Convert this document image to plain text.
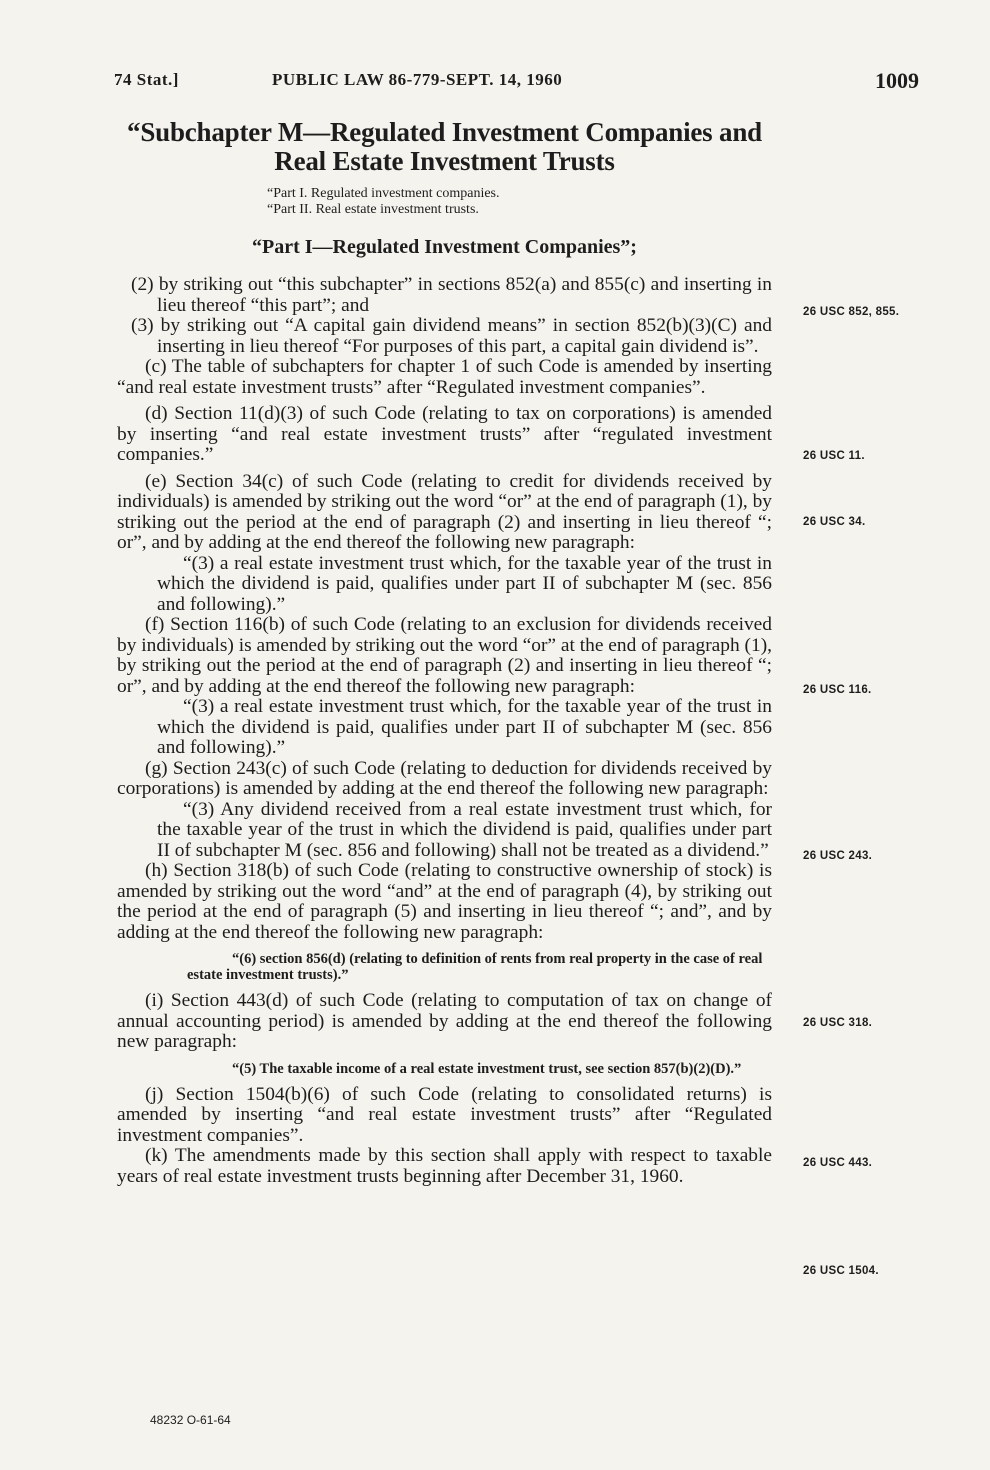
74 Stat.]	PUBLIC LAW 86-779-SEPT. 14, 1960	1009
“Subchapter M—Regulated Investment Companies and Real Estate Investment Trusts
“Part I. Regulated investment companies.
“Part II. Real estate investment trusts.
“Part I—Regulated Investment Companies”;

(2) by striking out “this subchapter” in sections 852(a) and 855(c) and inserting in lieu thereof “this part”; and

(3) by striking out “A capital gain dividend means” in section 852(b)(3)(C) and inserting in lieu thereof “For purposes of this part, a capital gain dividend is”.

(c) The table of subchapters for chapter 1 of such Code is amended by inserting “and real estate investment trusts” after “Regulated investment companies”.

(d) Section 11(d)(3) of such Code (relating to tax on corporations) is amended by inserting “and real estate investment trusts” after “regulated investment companies.”

(e) Section 34(c) of such Code (relating to credit for dividends received by individuals) is amended by striking out the word “or” at the end of paragraph (1), by striking out the period at the end of paragraph (2) and inserting in lieu thereof “; or”, and by adding at the end thereof the following new paragraph:

“(3) a real estate investment trust which, for the taxable year of the trust in which the dividend is paid, qualifies under part II of subchapter M (sec. 856 and following).”

(f) Section 116(b) of such Code (relating to an exclusion for dividends received by individuals) is amended by striking out the word “or” at the end of paragraph (1), by striking out the period at the end of paragraph (2) and inserting in lieu thereof “; or”, and by adding at the end thereof the following new paragraph:

“(3) a real estate investment trust which, for the taxable year of the trust in which the dividend is paid, qualifies under part II of subchapter M (sec. 856 and following).”

(g) Section 243(c) of such Code (relating to deduction for dividends received by corporations) is amended by adding at the end thereof the following new paragraph:

“(3) Any dividend received from a real estate investment trust which, for the taxable year of the trust in which the dividend is paid, qualifies under part II of subchapter M (sec. 856 and following) shall not be treated as a dividend.”

(h) Section 318(b) of such Code (relating to constructive ownership of stock) is amended by striking out the word “and” at the end of paragraph (4), by striking out the period at the end of paragraph (5) and inserting in lieu thereof “; and”, and by adding at the end thereof the following new paragraph:

“(6) section 856(d) (relating to definition of rents from real property in the case of real estate investment trusts).”

(i) Section 443(d) of such Code (relating to computation of tax on change of annual accounting period) is amended by adding at the end thereof the following new paragraph:

“(5) The taxable income of a real estate investment trust, see section 857(b)(2)(D).”

(j) Section 1504(b)(6) of such Code (relating to consolidated returns) is amended by inserting “and real estate investment trusts” after “Regulated investment companies”.

(k) The amendments made by this section shall apply with respect to taxable years of real estate investment trusts beginning after December 31, 1960.

26 USC 852, 855.
26 USC 11.
26 USC 34.
26 USC 116.
26 USC 243.
26 USC 318.
26 USC 443.
26 USC 1504.
48232 O-61-64
